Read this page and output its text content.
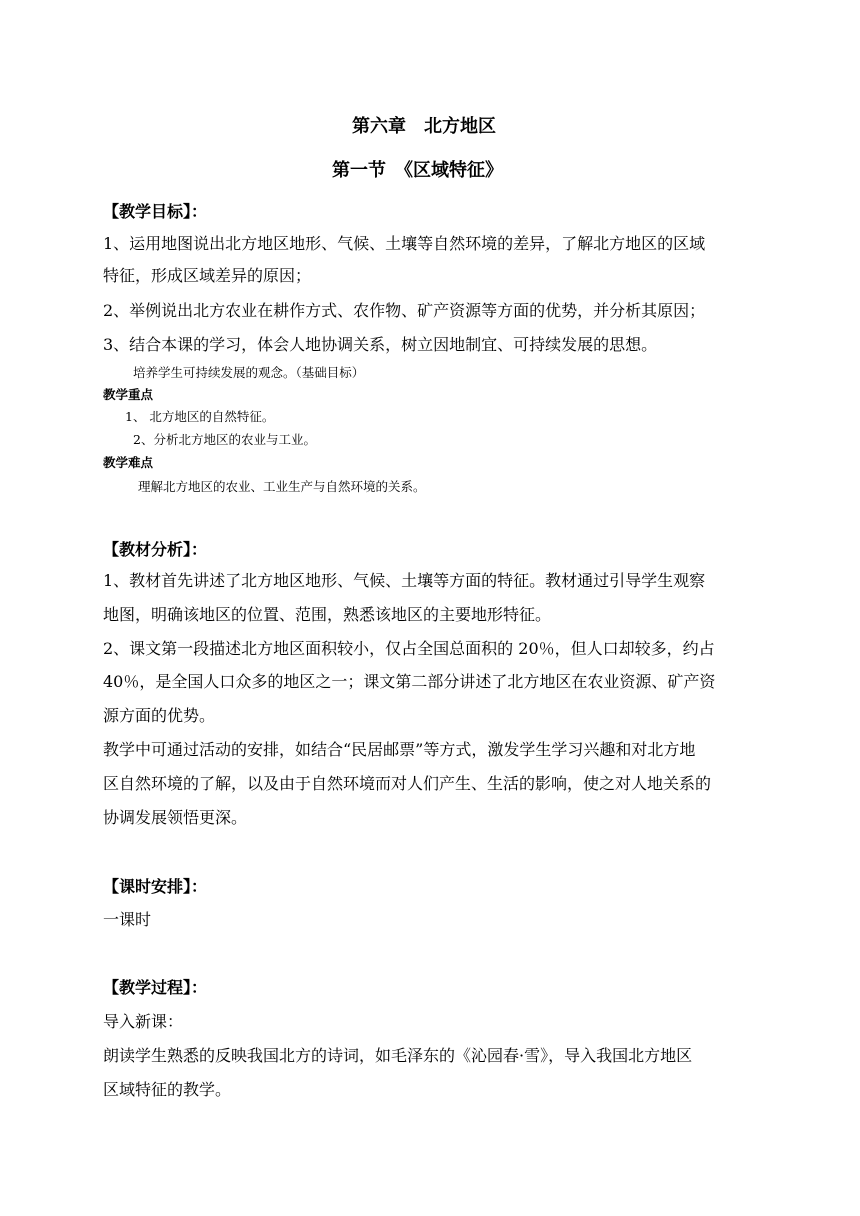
第六章　北方地区
第一节　《区域特征》
【教学目标】：
1、运用地图说出北方地区地形、气候、土壤等自然环境的差异，了解北方地区的区域
特征，形成区域差异的原因；
2、举例说出北方农业在耕作方式、农作物、矿产资源等方面的优势，并分析其原因；
3、结合本课的学习，体会人地协调关系，树立因地制宜、可持续发展的思想。
培养学生可持续发展的观念。（基础目标）
教学重点
1、 北方地区的自然特征。
2、分析北方地区的农业与工业。
教学难点
理解北方地区的农业、工业生产与自然环境的关系。
【教材分析】：
1、教材首先讲述了北方地区地形、气候、土壤等方面的特征。教材通过引导学生观察
地图，明确该地区的位置、范围，熟悉该地区的主要地形特征。
2、课文第一段描述北方地区面积较小，仅占全国总面积的 20％，但人口却较多，约占
40％，是全国人口众多的地区之一；课文第二部分讲述了北方地区在农业资源、矿产资
源方面的优势。
教学中可通过活动的安排，如结合“民居邮票”等方式，激发学生学习兴趣和对北方地
区自然环境的了解，以及由于自然环境而对人们产生、生活的影响，使之对人地关系的
协调发展领悟更深。
【课时安排】：
一课时
【教学过程】：
导入新课：
朗读学生熟悉的反映我国北方的诗词，如毛泽东的《沁园春·雪》，导入我国北方地区
区域特征的教学。
